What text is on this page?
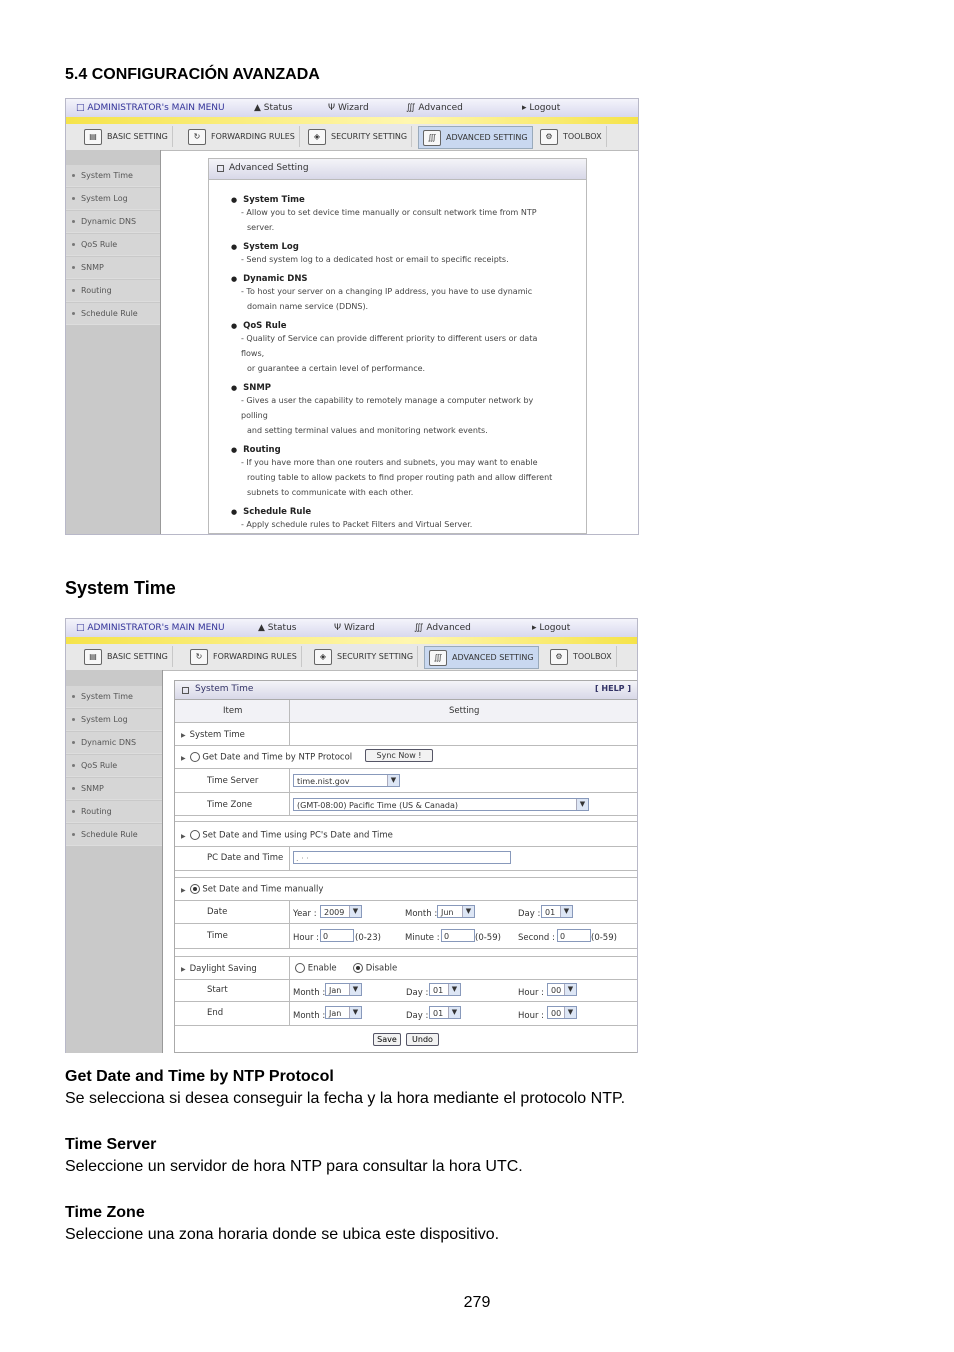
5.4 CONFIGURACIÓN AVANZADA
□ ADMINISTRATOR's MAIN MENU	▲ Status	Ψ Wizard	∭ Advanced	▸ Logout
▤	BASIC SETTING	↻	FORWARDING RULES	◈	SECURITY SETTING	∭	ADVANCED SETTING	⚙	TOOLBOX
System Time
System Log
Dynamic DNS
QoS Rule
SNMP
Routing
Schedule Rule
Advanced Setting
● System Time
- Allow you to set device time manually or consult network time from NTP
server.
● System Log
- Send system log to a dedicated host or email to specific receipts.
● Dynamic DNS
- To host your server on a changing IP address, you have to use dynamic
domain name service (DDNS).
● QoS Rule
- Quality of Service can provide different priority to different users or data flows,
or guarantee a certain level of performance.
● SNMP
- Gives a user the capability to remotely manage a computer network by polling
and setting terminal values and monitoring network events.
● Routing
- If you have more than one routers and subnets, you may want to enable
routing table to allow packets to find proper routing path and allow different
subnets to communicate with each other.
● Schedule Rule
- Apply schedule rules to Packet Filters and Virtual Server.
System Time
□ ADMINISTRATOR's MAIN MENU	▲ Status	Ψ Wizard	∭ Advanced	▸ Logout
▤	BASIC SETTING	↻	FORWARDING RULES	◈	SECURITY SETTING	∭	ADVANCED SETTING	⚙	TOOLBOX
System Time
System Log
Dynamic DNS
QoS Rule
SNMP
Routing
Schedule Rule
System Time	[ HELP ]
Item	Setting
▶ System Time
▶ Get Date and Time by NTP Protocol	Sync Now !
Time Server	time.nist.gov	▼
Time Zone	(GMT-08:00) Pacific Time (US & Canada)	▼
▶ Set Date and Time using PC's Date and Time
PC Date and Time	. · ·
▶ Set Date and Time manually
Date	Year : 2009	▼	Month : Jun	▼	Day : 01	▼
Time	Hour : 0	(0-23)	Minute : 0	(0-59) Second : 0	(0-59)
▶ Daylight Saving	Enable	Disable
Start	Month : Jan	▼	Day : 01	▼	Hour : 00 ▼
End	Month : Jan	▼	Day : 01	▼	Hour : 00 ▼
Save	Undo
Get Date and Time by NTP Protocol
Se selecciona si desea conseguir la fecha y la hora mediante el protocolo NTP.
Time Server
Seleccione un servidor de hora NTP para consultar la hora UTC.
Time Zone
Seleccione una zona horaria donde se ubica este dispositivo.
279
